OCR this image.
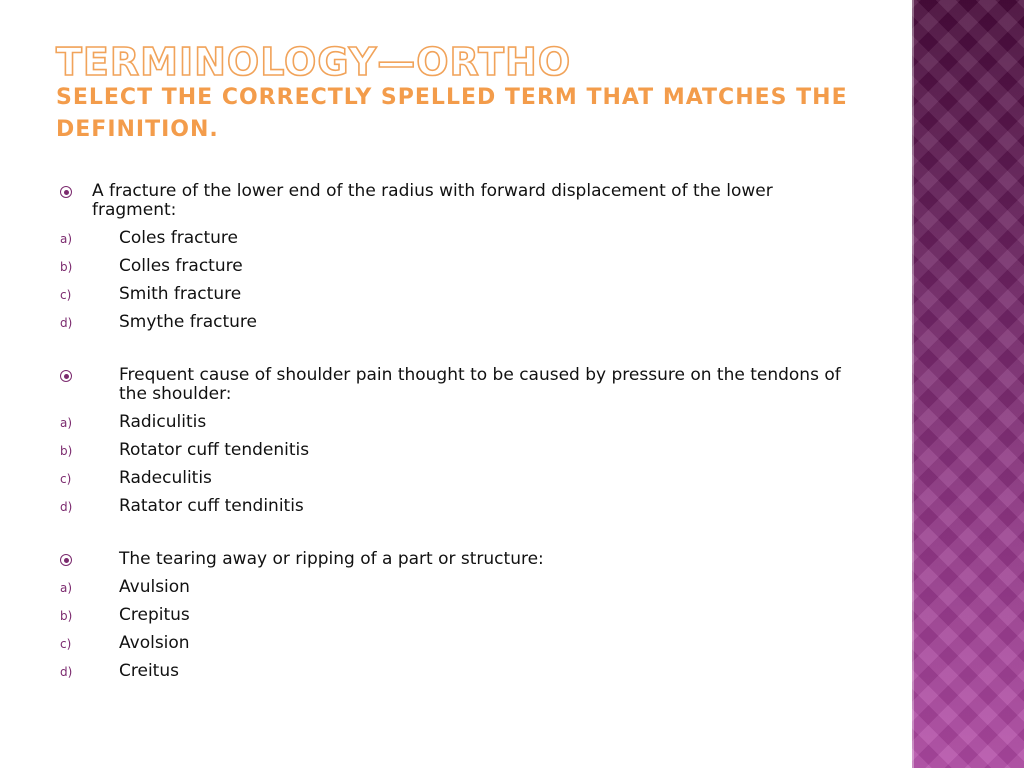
TERMINOLOGY—ORTHO
SELECT THE CORRECTLY SPELLED TERM THAT MATCHES THE DEFINITION.
A fracture of the lower end of the radius with forward displacement of the lower fragment:
a)	Coles fracture
b)	Colles fracture
c)	Smith fracture
d)	Smythe fracture
Frequent cause of shoulder pain thought to be caused by pressure on the tendons of the shoulder:
a)	Radiculitis
b)	Rotator cuff tendenitis
c)	Radeculitis
d)	Ratator cuff tendinitis
The tearing away or ripping of a part or structure:
a)	Avulsion
b)	Crepitus
c)	Avolsion
d)	Creitus
